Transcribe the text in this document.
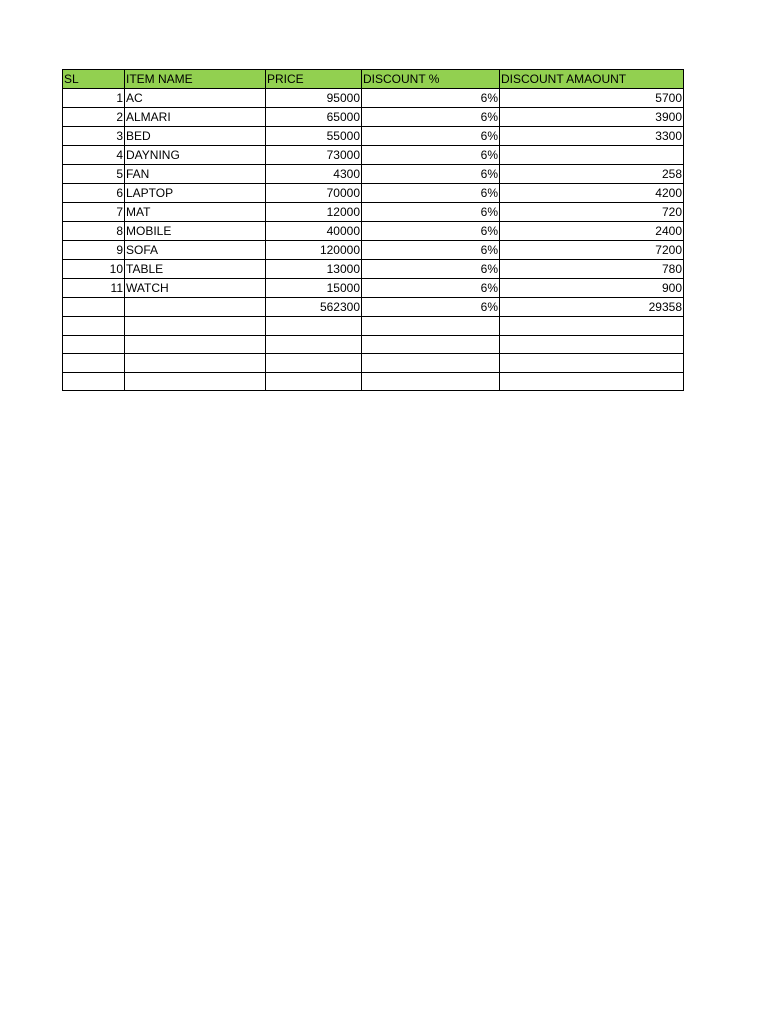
SL	ITEM NAME	PRICE	DISCOUNT %	DISCOUNT AMAOUNT
1	AC	95000	6%	5700
2	ALMARI	65000	6%	3900
3	BED	55000	6%	3300
4	DAYNING	73000	6%	
5	FAN	4300	6%	258
6	LAPTOP	70000	6%	4200
7	MAT	12000	6%	720
8	MOBILE	40000	6%	2400
9	SOFA	120000	6%	7200
10	TABLE	13000	6%	780
11	WATCH	15000	6%	900
		562300	6%	29358
